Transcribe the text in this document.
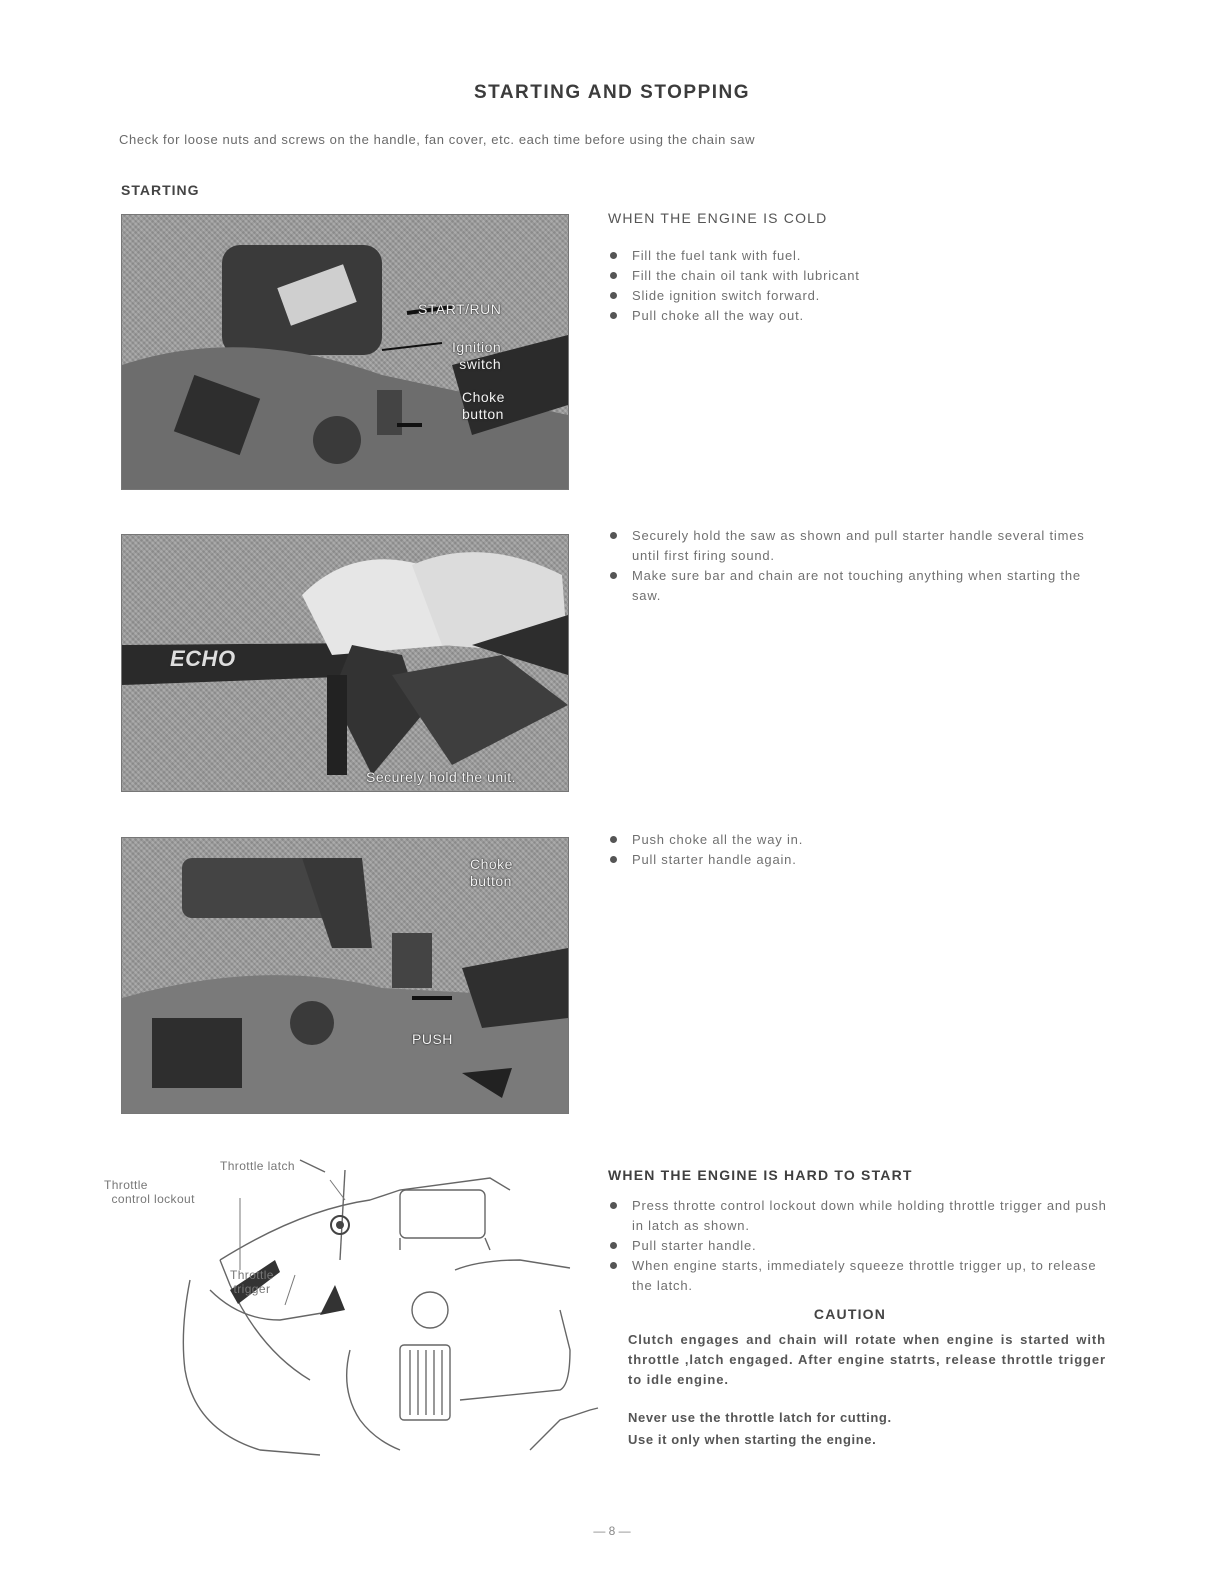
STARTING AND STOPPING
Check for loose nuts and screws on the handle, fan cover, etc. each time before using the chain saw
STARTING
START/RUN
Ignition
switch
Choke
button
WHEN THE ENGINE IS COLD
Fill the fuel tank with fuel.
Fill the chain oil tank with lubricant
Slide ignition switch forward.
Pull choke all the way out.
ECHO
Securely hold the unit.
Securely hold the saw as shown and pull starter handle several times until first firing sound.
Make sure bar and chain are not touching anything when starting the saw.
Choke
button
PUSH
Push choke all the way in.
Pull starter handle again.
Throttle latch
Throttle
control lockout
Throttle
trigger
WHEN THE ENGINE IS HARD TO START
Press throtte control lockout down while holding throttle trigger and push in latch as shown.
Pull starter handle.
When engine starts, immediately squeeze throttle trigger up, to release the latch.
CAUTION
Clutch engages and chain will rotate when engine is started with throttle ,latch engaged. After engine statrts, release throttle trigger to idle engine.
Never use the throttle latch for cutting.
Use it only when starting the engine.
— 8 —
